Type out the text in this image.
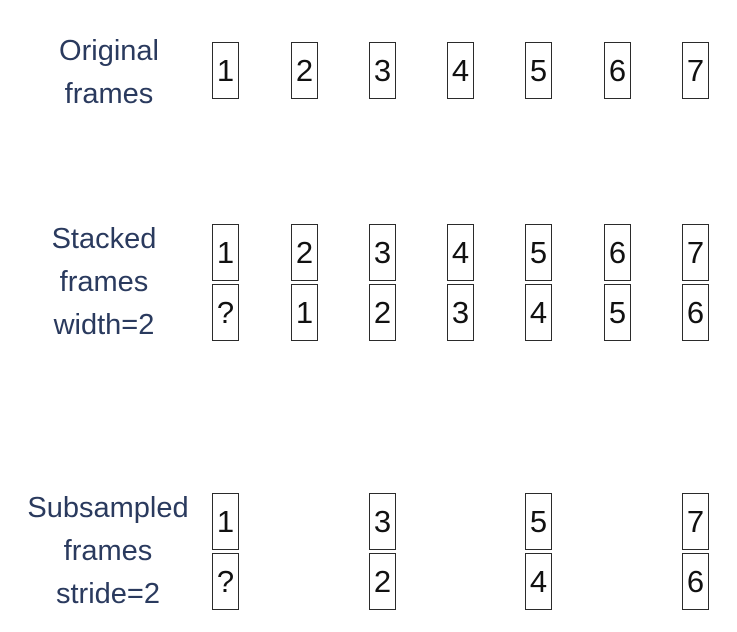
Original
frames
1 2 3 4 5 6 7
Stacked
frames
width=2
1
?
2
1
3
2
4
3
5
4
6
5
7
6
Subsampled
frames
stride=2
1
?
3
2
5
4
7
6
